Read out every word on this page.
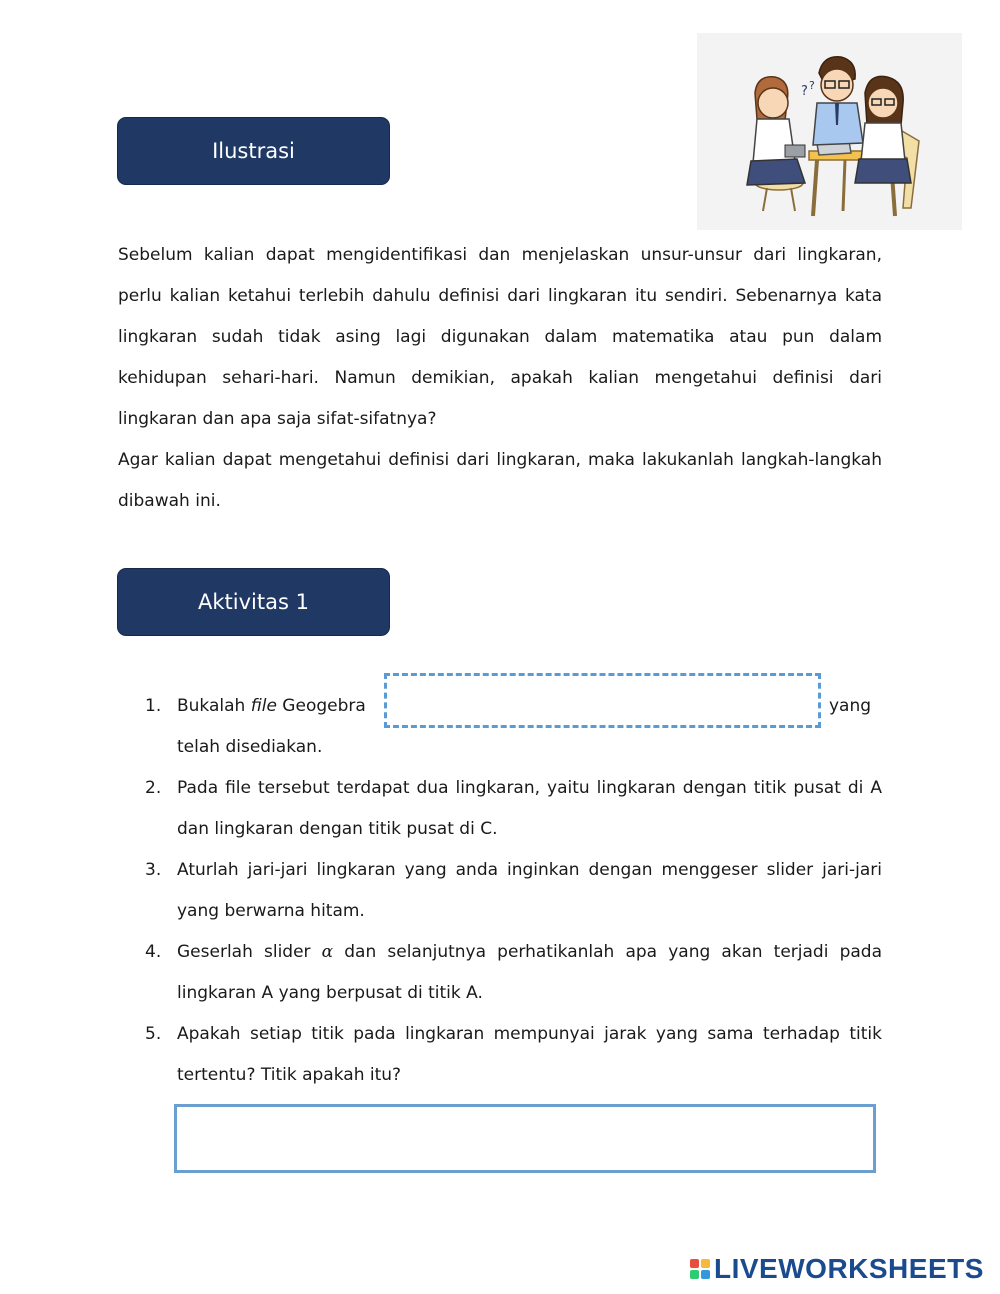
Ilustrasi
? ?

Sebelum kalian dapat mengidentifikasi dan menjelaskan unsur-unsur dari lingkaran, perlu kalian ketahui terlebih dahulu definisi dari lingkaran itu sendiri. Sebenarnya kata lingkaran sudah tidak asing lagi digunakan dalam matematika atau pun dalam kehidupan sehari-hari. Namun demikian, apakah kalian mengetahui definisi dari lingkaran dan apa saja sifat-sifatnya?

Agar kalian dapat mengetahui definisi dari lingkaran, maka lakukanlah langkah-langkah dibawah ini.

Aktivitas 1
1. Bukalah file Geogebra	yang

telah disediakan.
2. Pada file tersebut terdapat dua lingkaran, yaitu lingkaran dengan titik pusat di A dan lingkaran dengan titik pusat di C.
3. Aturlah jari-jari lingkaran yang anda inginkan dengan menggeser slider jari-jari yang berwarna hitam.
4. Geserlah slider α dan selanjutnya perhatikanlah apa yang akan terjadi pada lingkaran A yang berpusat di titik A.
5. Apakah setiap titik pada lingkaran mempunyai jarak yang sama terhadap titik tertentu? Titik apakah itu?
LIVEWORKSHEETS
